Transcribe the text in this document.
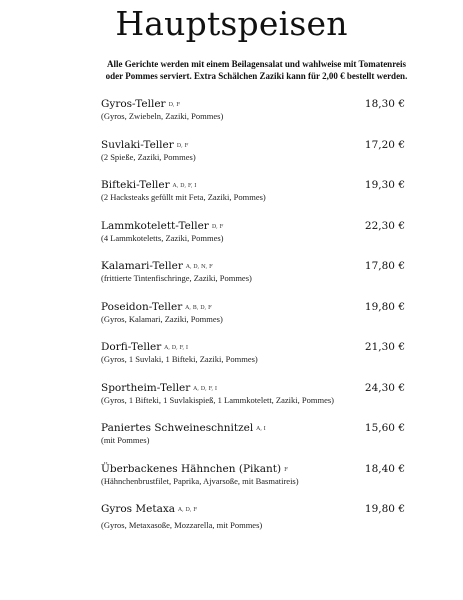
Hauptspeisen
Alle Gerichte werden mit einem Beilagensalat und wahlweise mit Tomatenreis
oder Pommes serviert. Extra Schälchen Zaziki kann für 2,00 € bestellt werden.
Gyros-Teller D, F	18,30 €
(Gyros, Zwiebeln, Zaziki, Pommes)
Suvlaki-Teller D, F	17,20 €
(2 Spieße, Zaziki, Pommes)
Bifteki-Teller A, D, F, I	19,30 €
(2 Hacksteaks gefüllt mit Feta, Zaziki, Pommes)
Lammkotelett-Teller D, F	22,30 €
(4 Lammkoteletts, Zaziki, Pommes)
Kalamari-Teller A, D, N, F	17,80 €
(frittierte Tintenfischringe, Zaziki, Pommes)
Poseidon-Teller A, B, D, F	19,80 €
(Gyros, Kalamari, Zaziki, Pommes)
Dorfi-Teller A, D, F, I	21,30 €
(Gyros, 1 Suvlaki, 1 Bifteki, Zaziki, Pommes)
Sportheim-Teller A, D, F, I	24,30 €
(Gyros, 1 Bifteki, 1 Suvlakispieß, 1 Lammkotelett, Zaziki, Pommes)
Paniertes Schweineschnitzel A, I	15,60 €
(mit Pommes)
Überbackenes Hähnchen (Pikant) F	18,40 €
(Hähnchenbrustfilet, Paprika, Ajvarsoße, mit Basmatireis)
Gyros Metaxa A, D, F	19,80 €
(Gyros, Metaxasoße, Mozzarella, mit Pommes)
